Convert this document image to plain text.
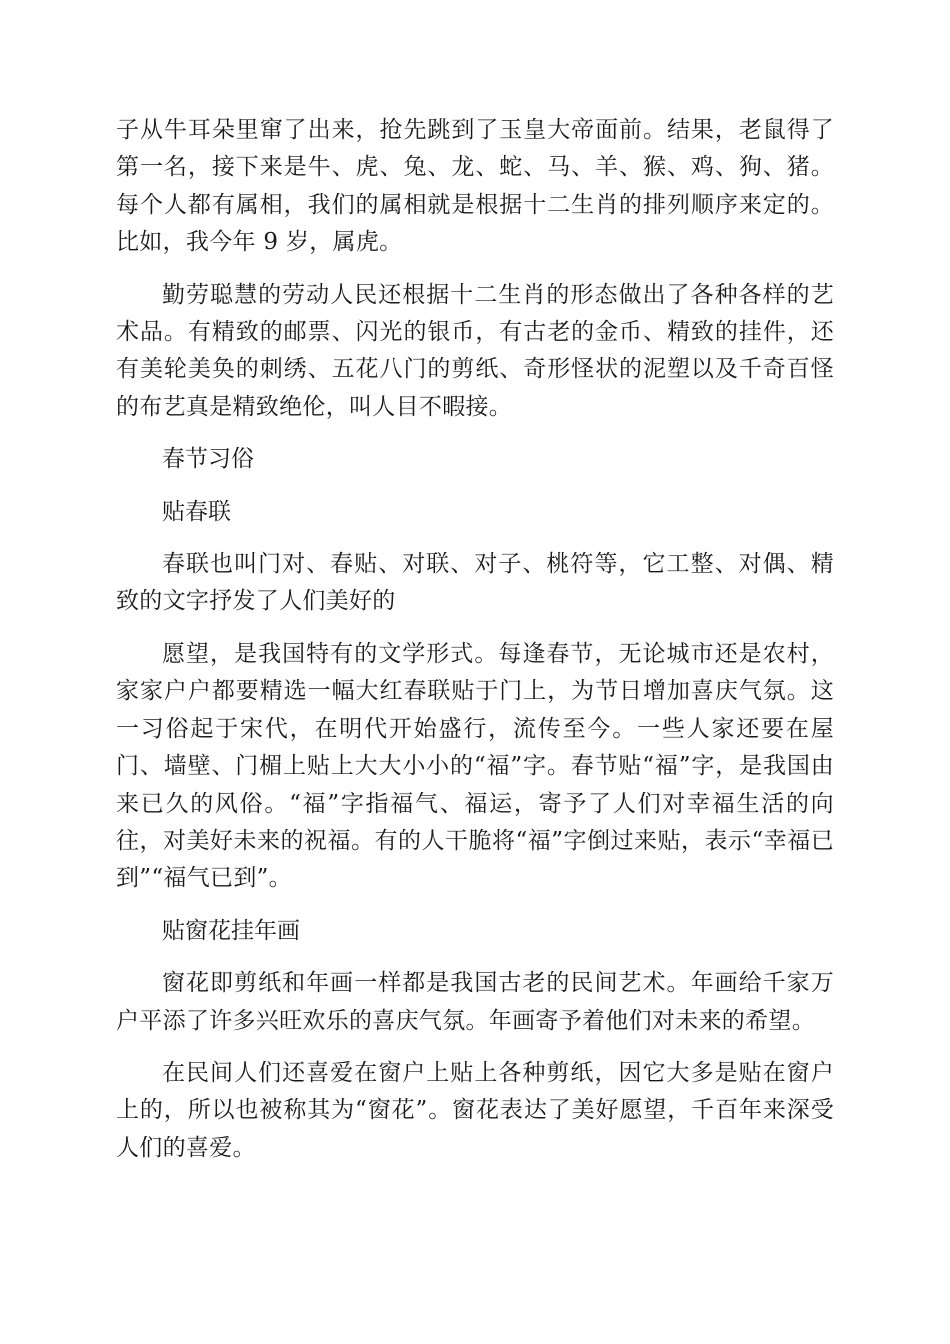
子从牛耳朵里窜了出来，抢先跳到了玉皇大帝面前。结果，老鼠得了第一名，接下来是牛、虎、兔、龙、蛇、马、羊、猴、鸡、狗、猪。每个人都有属相，我们的属相就是根据十二生肖的排列顺序来定的。比如，我今年 9 岁，属虎。

勤劳聪慧的劳动人民还根据十二生肖的形态做出了各种各样的艺术品。有精致的邮票、闪光的银币，有古老的金币、精致的挂件，还有美轮美奂的刺绣、五花八门的剪纸、奇形怪状的泥塑以及千奇百怪的布艺真是精致绝伦，叫人目不暇接。

春节习俗

贴春联

春联也叫门对、春贴、对联、对子、桃符等，它工整、对偶、精致的文字抒发了人们美好的

愿望，是我国特有的文学形式。每逢春节，无论城市还是农村，家家户户都要精选一幅大红春联贴于门上，为节日增加喜庆气氛。这一习俗起于宋代，在明代开始盛行，流传至今。一些人家还要在屋门、墙壁、门楣上贴上大大小小的“福”字。春节贴“福”字，是我国由来已久的风俗。“福”字指福气、福运，寄予了人们对幸福生活的向往，对美好未来的祝福。有的人干脆将“福”字倒过来贴，表示“幸福已到”“福气已到”。

贴窗花挂年画

窗花即剪纸和年画一样都是我国古老的民间艺术。年画给千家万户平添了许多兴旺欢乐的喜庆气氛。年画寄予着他们对未来的希望。

在民间人们还喜爱在窗户上贴上各种剪纸，因它大多是贴在窗户上的，所以也被称其为“窗花”。窗花表达了美好愿望，千百年来深受人们的喜爱。
